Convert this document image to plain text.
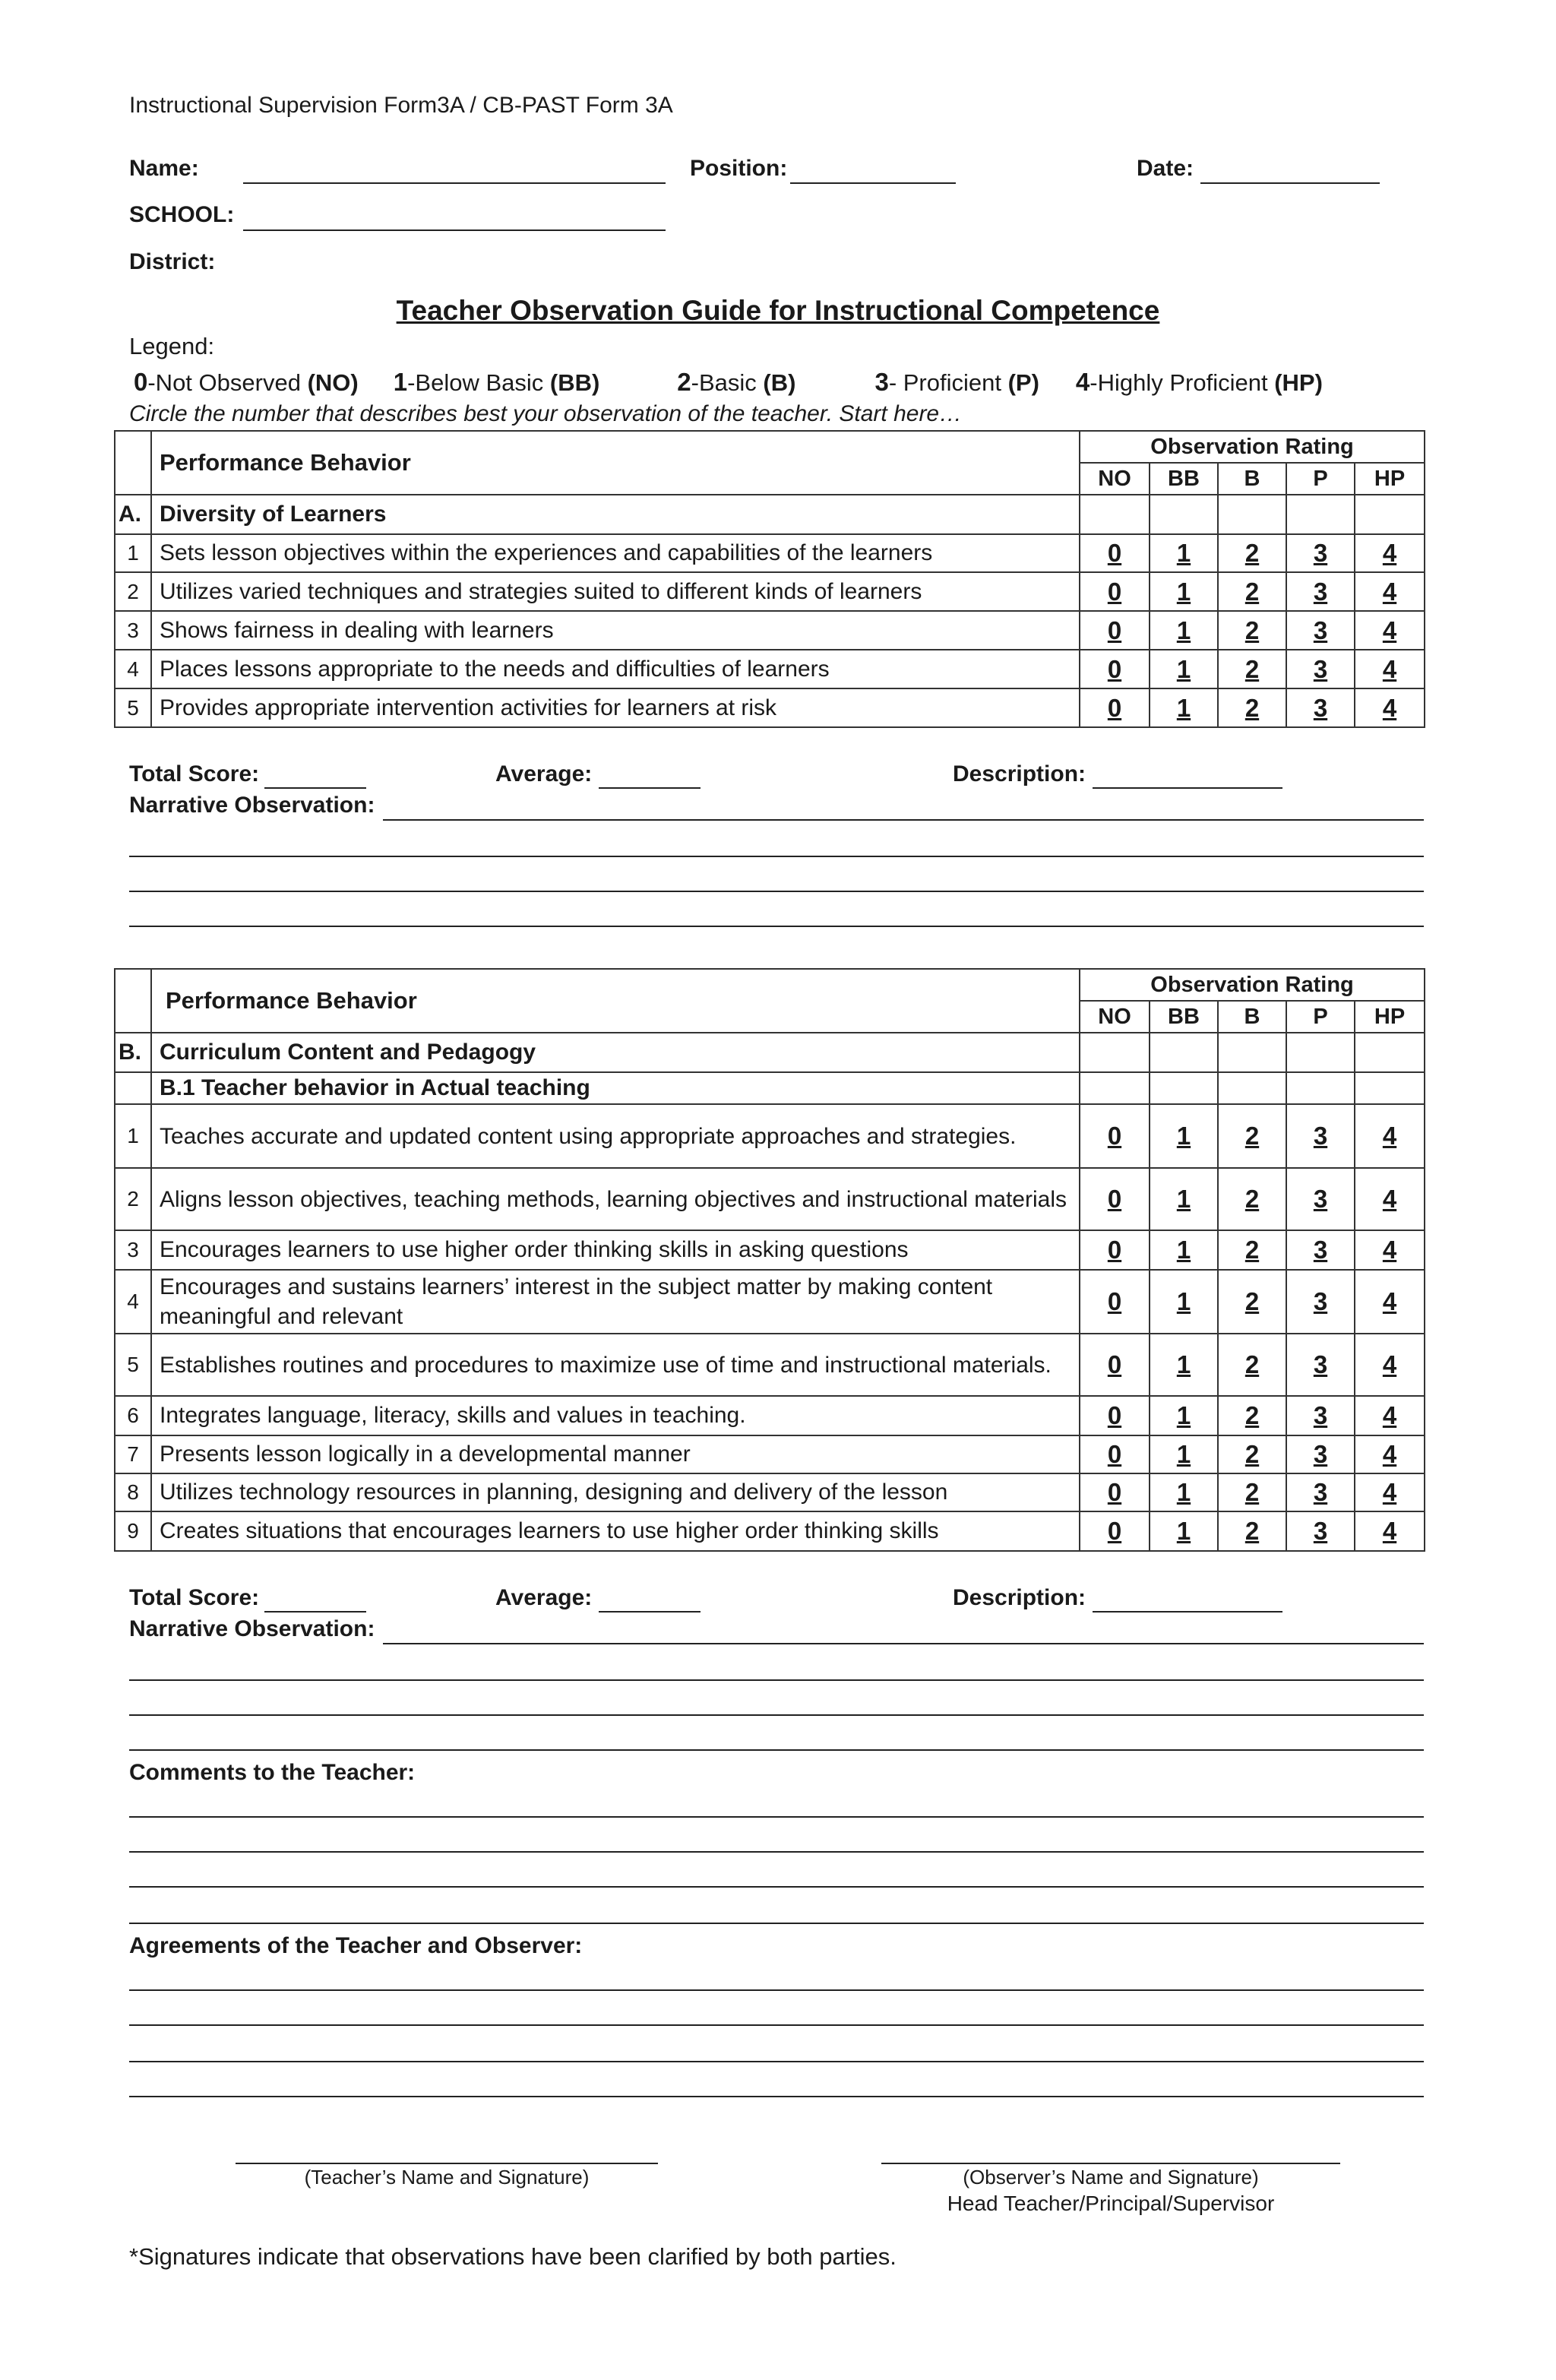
Instructional Supervision Form3A / CB-PAST Form 3A
Name:	Position:	Date:
SCHOOL:
District:
Teacher Observation Guide for Instructional Competence
Legend:
0-Not Observed (NO) 1-Below Basic (BB)	2-Basic (B)	3- Proficient (P) 4-Highly Proficient (HP)
Circle the number that describes best your observation of the teacher. Start here…
	Performance Behavior	Observation Rating				
		NO	BB	B	P	HP
A.	Diversity of Learners					
1	Sets lesson objectives within the experiences and capabilities of the learners	0	1	2	3	4
2	Utilizes varied techniques and strategies suited to different kinds of learners	0	1	2	3	4
3	Shows fairness in dealing with learners	0	1	2	3	4
4	Places lessons appropriate to the needs and difficulties of learners	0	1	2	3	4
5	Provides appropriate intervention activities for learners at risk	0	1	2	3	4
Total Score:	Average:	Description:
Narrative Observation:
	Performance Behavior	Observation Rating				
		NO	BB	B	P	HP
B.	Curriculum Content and Pedagogy					
	B.1 Teacher behavior in Actual teaching					
1	Teaches accurate and updated content using appropriate approaches and strategies.	0	1	2	3	4
2	Aligns lesson objectives, teaching methods, learning objectives and instructional materials	0	1	2	3	4
3	Encourages learners to use higher order thinking skills in asking questions	0	1	2	3	4
4	Encourages and sustains learners’ interest in the subject matter by making content meaningful and relevant	0	1	2	3	4
5	Establishes routines and procedures to maximize use of time and instructional materials.	0	1	2	3	4
6	Integrates language, literacy, skills and values in teaching.	0	1	2	3	4
7	Presents lesson logically in a developmental manner	0	1	2	3	4
8	Utilizes technology resources in planning, designing and delivery of the lesson	0	1	2	3	4
9	Creates situations that encourages learners to use higher order thinking skills	0	1	2	3	4
Total Score:	Average:	Description:
Narrative Observation:
Comments to the Teacher:
Agreements of the Teacher and Observer:
(Teacher’s Name and Signature)	(Observer’s Name and Signature)
Head Teacher/Principal/Supervisor
*Signatures indicate that observations have been clarified by both parties.
